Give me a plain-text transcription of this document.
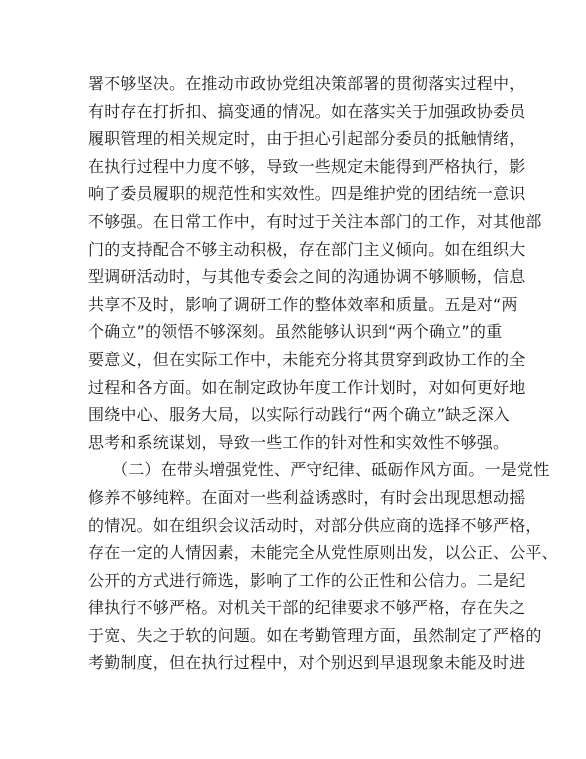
署不够坚决。在推动市政协党组决策部署的贯彻落实过程中，
有时存在打折扣、搞变通的情况。如在落实关于加强政协委员
履职管理的相关规定时，由于担心引起部分委员的抵触情绪，
在执行过程中力度不够，导致一些规定未能得到严格执行，影
响了委员履职的规范性和实效性。四是维护党的团结统一意识
不够强。在日常工作中，有时过于关注本部门的工作，对其他部
门的支持配合不够主动积极，存在部门主义倾向。如在组织大
型调研活动时，与其他专委会之间的沟通协调不够顺畅，信息
共享不及时，影响了调研工作的整体效率和质量。五是对“两
个确立”的领悟不够深刻。虽然能够认识到“两个确立”的重
要意义，但在实际工作中，未能充分将其贯穿到政协工作的全
过程和各方面。如在制定政协年度工作计划时，对如何更好地
围绕中心、服务大局，以实际行动践行“两个确立”缺乏深入
思考和系统谋划，导致一些工作的针对性和实效性不够强。
（二）在带头增强党性、严守纪律、砥砺作风方面。一是党性
修养不够纯粹。在面对一些利益诱惑时，有时会出现思想动摇
的情况。如在组织会议活动时，对部分供应商的选择不够严格，
存在一定的人情因素，未能完全从党性原则出发，以公正、公平、
公开的方式进行筛选，影响了工作的公正性和公信力。二是纪
律执行不够严格。对机关干部的纪律要求不够严格，存在失之
于宽、失之于软的问题。如在考勤管理方面，虽然制定了严格的
考勤制度，但在执行过程中，对个别迟到早退现象未能及时进
